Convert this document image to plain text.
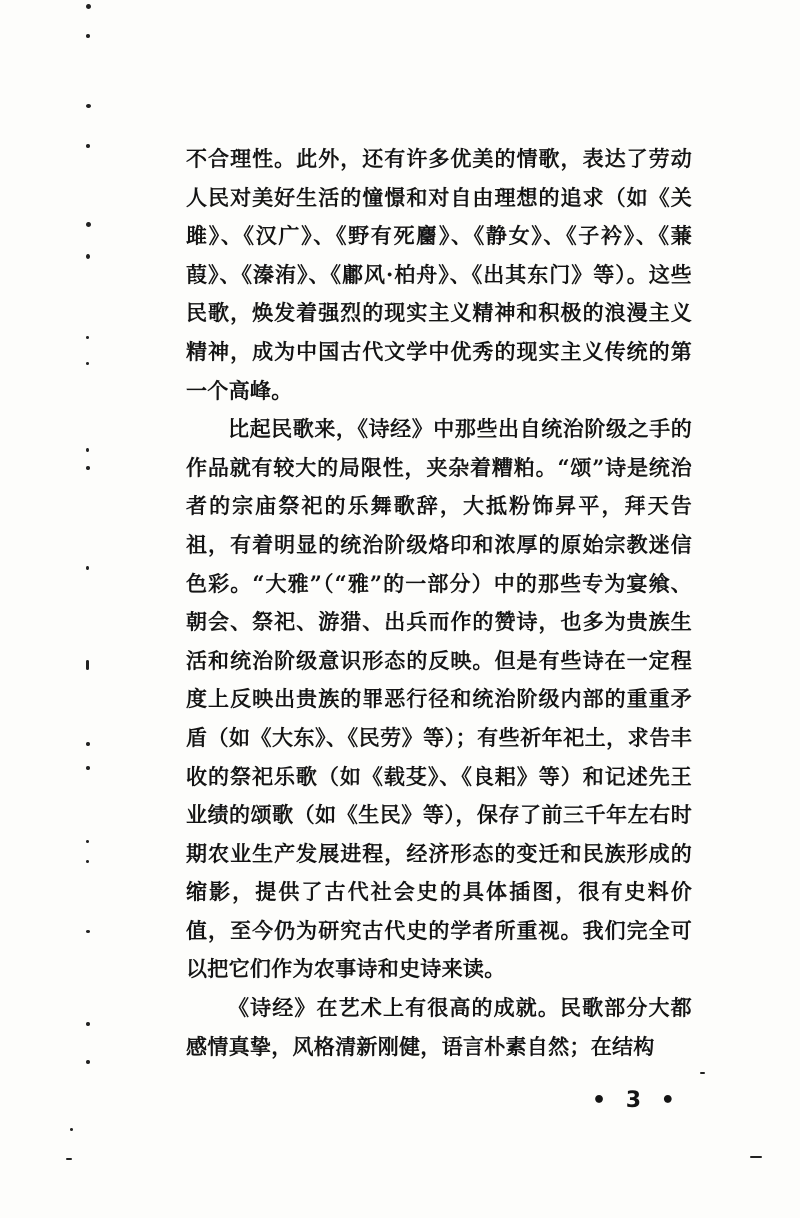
不合理性。此外，还有许多优美的情歌，表达了劳动人民对美好生活的憧憬和对自由理想的追求（如《关雎》、《汉广》、《野有死麕》、《静女》、《子衿》、《蒹葭》、《溱洧》、《鄘风·柏舟》、《出其东门》等）。这些民歌，焕发着强烈的现实主义精神和积极的浪漫主义精神，成为中国古代文学中优秀的现实主义传统的第一个高峰。

比起民歌来，《诗经》中那些出自统治阶级之手的作品就有较大的局限性，夹杂着糟粕。“颂”诗是统治者的宗庙祭祀的乐舞歌辞，大抵粉饰昇平，拜天告祖，有着明显的统治阶级烙印和浓厚的原始宗教迷信色彩。“大雅”（“雅”的一部分）中的那些专为宴飨、朝会、祭祀、游猎、出兵而作的赞诗，也多为贵族生活和统治阶级意识形态的反映。但是有些诗在一定程度上反映出贵族的罪恶行径和统治阶级内部的重重矛盾（如《大东》、《民劳》等）；有些祈年祀土，求告丰收的祭祀乐歌（如《载芟》、《良耜》等）和记述先王业绩的颂歌（如《生民》等），保存了前三千年左右时期农业生产发展进程，经济形态的变迁和民族形成的缩影，提供了古代社会史的具体插图，很有史料价值，至今仍为研究古代史的学者所重视。我们完全可以把它们作为农事诗和史诗来读。

《诗经》在艺术上有很高的成就。民歌部分大都感情真挚，风格清新刚健，语言朴素自然；在结构

• 3 •
